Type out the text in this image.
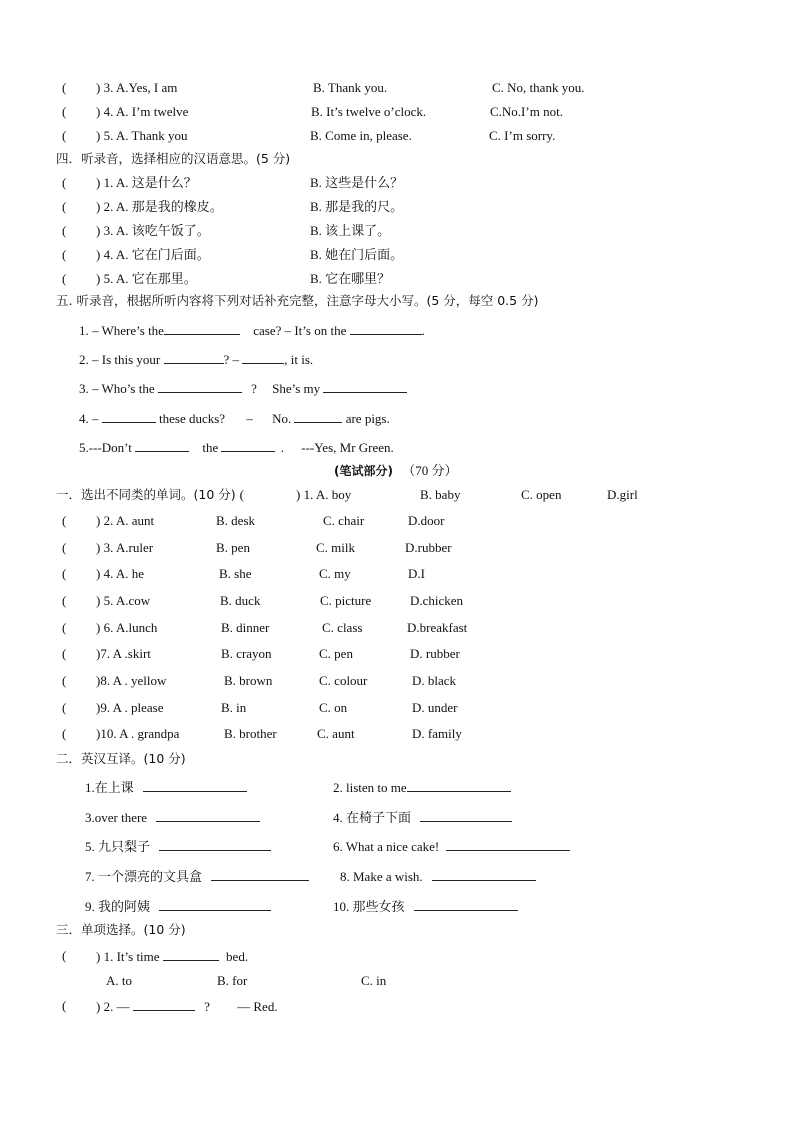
( ) 3. A.Yes, I am	B. Thank you.	C. No, thank you.
( ) 4. A. I’m twelve	B. It’s twelve o’clock.	C.No.I’m not.
( ) 5. A. Thank you	B. Come in, please.	C. I’m sorry.
四．听录音，选择相应的汉语意思。(5 分)
( ) 1. A. 这是什么？	B. 这些是什么？
( ) 2. A. 那是我的橡皮。	B. 那是我的尺。
( ) 3. A. 该吃午饭了。	B. 该上课了。
( ) 4. A. 它在门后面。	B. 她在门后面。
( ) 5. A. 它在那里。	B. 它在哪里？
五. 听录音，根据所听内容将下列对话补充完整，注意字母大小写。(5 分，每空 0.5 分)
1. – Where’s the	case? – It’s on the	.
2. – Is this your	? –	, it is.
3. – Who’s the	? She’s my
4. –	these ducks? – No.	are pigs.
5.---Don’t	the	. ---Yes, Mr Green.
(笔试部分) （70 分）
一．选出不同类的单词。(10 分) (	) 1. A. boy	B. baby	C. open	D.girl
( ) 2. A. aunt	B. desk	C. chair	D.door
( ) 3. A.ruler	B. pen	C. milk	D.rubber
( ) 4. A. he	B. she	C. my	D.I
( ) 5. A.cow	B. duck	C. picture	D.chicken
( ) 6. A.lunch	B. dinner	C. class	D.breakfast
( )7. A .skirt	B. crayon	C. pen	D. rubber
( )8. A . yellow	B. brown	C. colour	D. black
( )9. A . please	B. in	C. on	D. under
( )10. A . grandpa	B. brother	C. aunt	D. family
二．英汉互译。(10 分)
1.在上课	2. listen to me
3.over there	4. 在椅子下面
5. 九只梨子	6. What a nice cake!
7. 一个漂亮的文具盒	8. Make a wish.
9. 我的阿姨	10. 那些女孩
三．单项选择。(10 分)
( ) 1. It’s time	bed.
A. to	B. for	C. in
( ) 2. —	? — Red.
